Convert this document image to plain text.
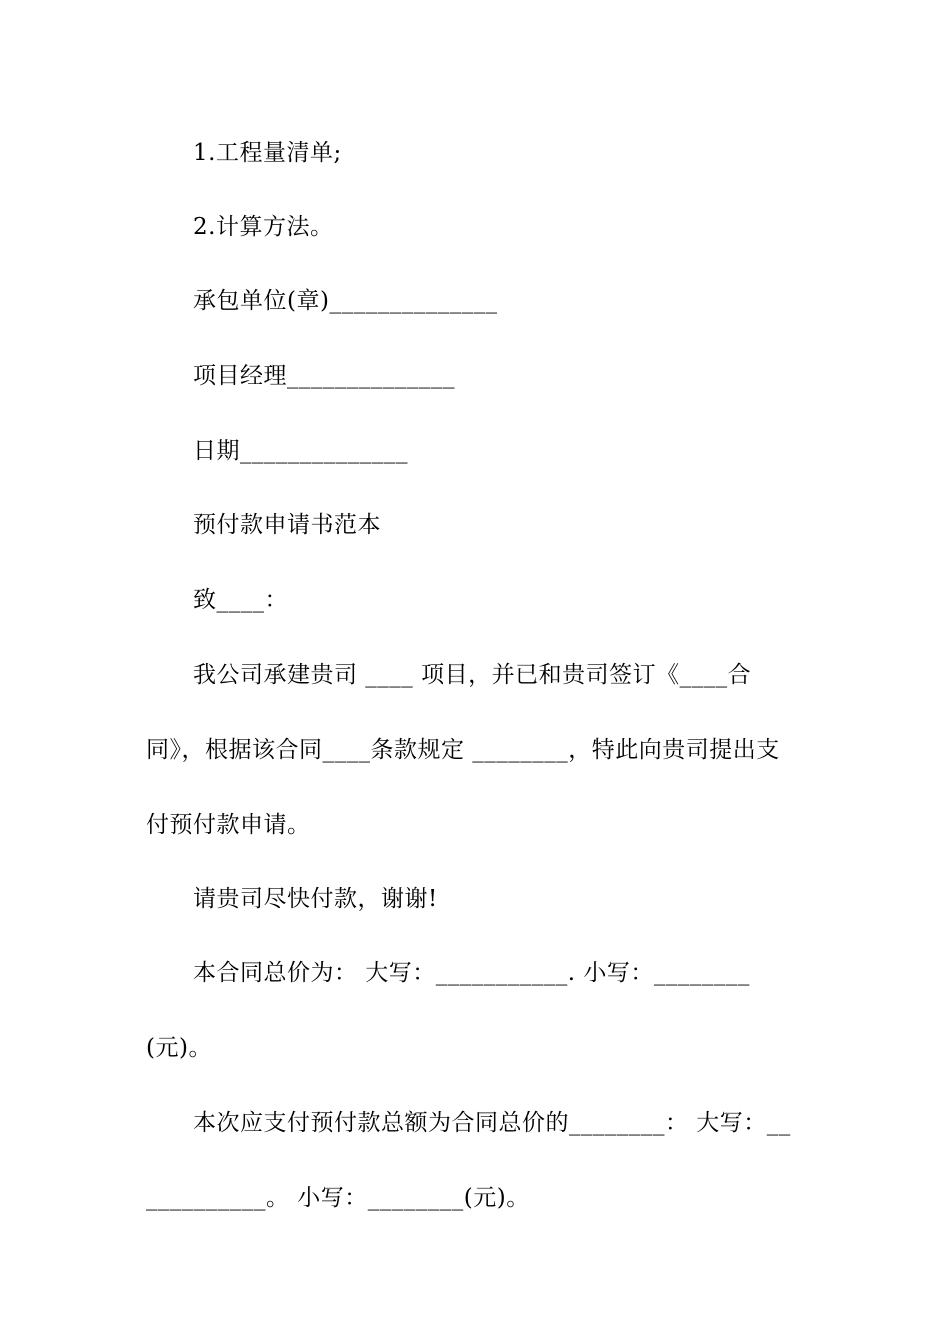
1.工程量清单;
2.计算方法。
承包单位(章)______________
项目经理______________
日期______________
预付款申请书范本
致____：
我公司承建贵司 ____ 项目，并已和贵司签订《____合
同》，根据该合同____条款规定 ________，特此向贵司提出支
付预付款申请。
请贵司尽快付款，谢谢!
本合同总价为： 大写：___________. 小写：________
(元)。
本次应支付预付款总额为合同总价的________： 大写：__
__________。 小写：________(元)。
